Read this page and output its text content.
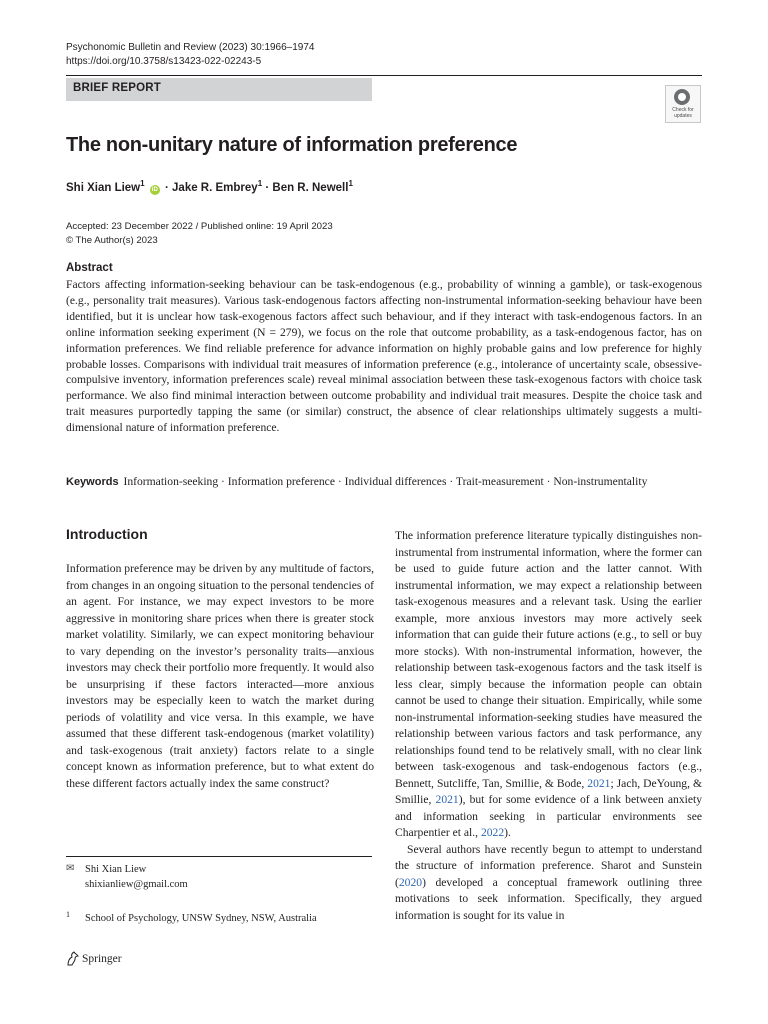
Psychonomic Bulletin and Review (2023) 30:1966–1974
https://doi.org/10.3758/s13423-022-02243-5
BRIEF REPORT
Check for
updates
The non-unitary nature of information preference
Shi Xian Liew$^1$ iD · Jake R. Embrey$^1$ · Ben R. Newell$^1$
Accepted: 23 December 2022 / Published online: 19 April 2023
© The Author(s) 2023
Abstract
Factors affecting information-seeking behaviour can be task-endogenous (e.g., probability of winning a gamble), or task-exogenous (e.g., personality trait measures). Various task-endogenous factors affecting non-instrumental information-seeking behaviour have been identified, but it is unclear how task-exogenous factors affect such behaviour, and if they interact with task-endogenous factors. In an online information seeking experiment (N = 279), we focus on the role that outcome probability, as a task-endogenous factor, has on information preferences. We find reliable preference for advance information on highly probable gains and low preference for highly probable losses. Comparisons with individual trait measures of information preference (e.g., intolerance of uncertainty scale, obsessive-compulsive inventory, information preferences scale) reveal minimal association between these task-exogenous factors with choice task performance. We also find minimal interaction between outcome probability and individual trait measures. Despite the choice task and trait measures purportedly tapping the same (or similar) construct, the absence of clear relationships ultimately suggests a multi-dimensional nature of information preference.
Keywords Information-seeking · Information preference · Individual differences · Trait-measurement · Non-instrumentality
Introduction

Information preference may be driven by any multitude of factors, from changes in an ongoing situation to the personal tendencies of an agent. For instance, we may expect investors to be more aggressive in monitoring share prices when there is greater stock market volatility. Similarly, we can expect monitoring behaviour to vary depending on the investor’s personality traits—anxious investors may check their portfolio more frequently. It would also be unsurprising if these factors interacted—more anxious investors may be especially keen to watch the market during periods of volatility and vice versa. In this example, we have assumed that these different task-endogenous (market volatility) and task-exogenous (trait anxiety) factors relate to a single concept known as information preference, but to what extent do these different factors actually index the same construct?

The information preference literature typically distinguishes non-instrumental from instrumental information, where the former can be used to guide future action and the latter cannot. With instrumental information, we may expect a relationship between task-exogenous measures and a relevant task. Using the earlier example, more anxious investors may more actively seek information that can guide their future actions (e.g., to sell or buy more stocks). With non-instrumental information, however, the relationship between task-exogenous factors and the task itself is less clear, simply because the information people can obtain cannot be used to change their situation. Empirically, while some non-instrumental information-seeking studies have measured the relationship between various factors and task performance, any relationships found tend to be relatively small, with no clear link between task-exogenous and task-endogenous factors (e.g., Bennett, Sutcliffe, Tan, Smillie, & Bode, 2021; Jach, DeYoung, & Smillie, 2021), but for some evidence of a link between anxiety and information seeking in particular environments see Charpentier et al., 2022).

Several authors have recently begun to attempt to understand the structure of information preference. Sharot and Sunstein (2020) developed a conceptual framework outlining three motivations to seek information. Specifically, they argued information is sought for its value in

✉ Shi Xian Liew
shixianliew@gmail.com
1 School of Psychology, UNSW Sydney, NSW, Australia
Springer
